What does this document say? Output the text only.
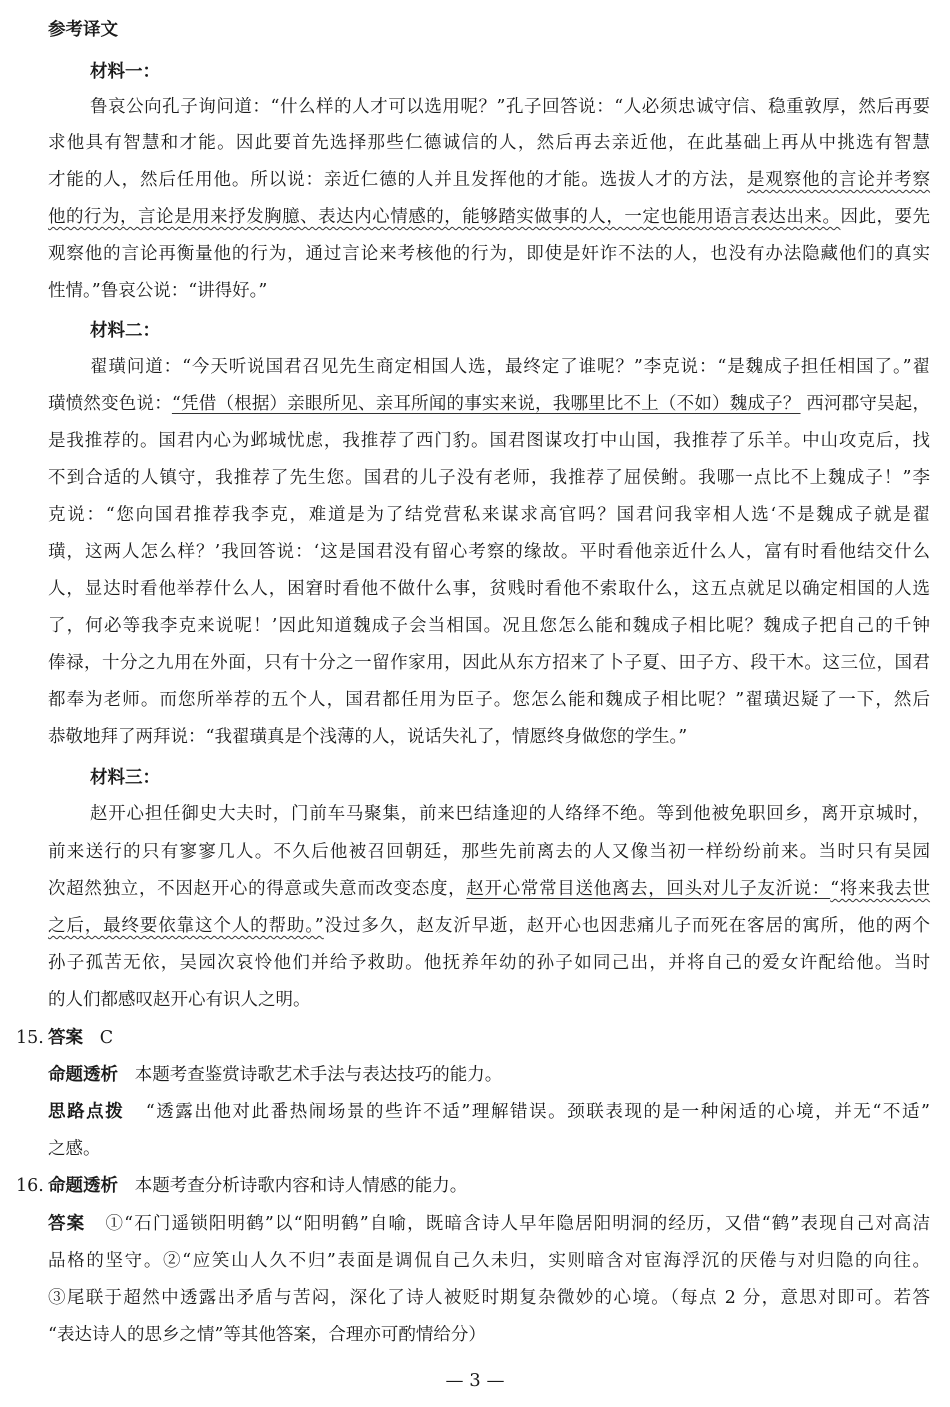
参考译文
材料一：
鲁哀公向孔子询问道：“什么样的人才可以选用呢？”孔子回答说：“人必须忠诚守信、稳重敦厚，然后再要
求他具有智慧和才能。因此要首先选择那些仁德诚信的人，然后再去亲近他，在此基础上再从中挑选有智慧
才能的人，然后任用他。所以说：亲近仁德的人并且发挥他的才能。选拔人才的方法，是观察他的言论并考察
他的行为，言论是用来抒发胸臆、表达内心情感的，能够踏实做事的人，一定也能用语言表达出来。因此，要先
观察他的言论再衡量他的行为，通过言论来考核他的行为，即使是奸诈不法的人，也没有办法隐藏他们的真实
性情。”鲁哀公说：“讲得好。”
材料二：
翟璜问道：“今天听说国君召见先生商定相国人选，最终定了谁呢？”李克说：“是魏成子担任相国了。”翟
璜愤然变色说：“凭借（根据）亲眼所见、亲耳所闻的事实来说，我哪里比不上（不如）魏成子？ 西河郡守吴起，
是我推荐的。国君内心为邺城忧虑，我推荐了西门豹。国君图谋攻打中山国，我推荐了乐羊。中山攻克后，找
不到合适的人镇守，我推荐了先生您。国君的儿子没有老师，我推荐了屈侯鲋。我哪一点比不上魏成子！”李
克说：“您向国君推荐我李克，难道是为了结党营私来谋求高官吗？国君问我宰相人选‘不是魏成子就是翟
璜，这两人怎么样？’我回答说：‘这是国君没有留心考察的缘故。平时看他亲近什么人，富有时看他结交什么
人，显达时看他举荐什么人，困窘时看他不做什么事，贫贱时看他不索取什么，这五点就足以确定相国的人选
了，何必等我李克来说呢！’因此知道魏成子会当相国。况且您怎么能和魏成子相比呢？魏成子把自己的千钟
俸禄，十分之九用在外面，只有十分之一留作家用，因此从东方招来了卜子夏、田子方、段干木。这三位，国君
都奉为老师。而您所举荐的五个人，国君都任用为臣子。您怎么能和魏成子相比呢？”翟璜迟疑了一下，然后
恭敬地拜了两拜说：“我翟璜真是个浅薄的人，说话失礼了，情愿终身做您的学生。”
材料三：
赵开心担任御史大夫时，门前车马聚集，前来巴结逢迎的人络绎不绝。等到他被免职回乡，离开京城时，
前来送行的只有寥寥几人。不久后他被召回朝廷，那些先前离去的人又像当初一样纷纷前来。当时只有吴园
次超然独立，不因赵开心的得意或失意而改变态度，赵开心常常目送他离去，回头对儿子友沂说：“将来我去世
之后，最终要依靠这个人的帮助。”没过多久，赵友沂早逝，赵开心也因悲痛儿子而死在客居的寓所，他的两个
孙子孤苦无依，吴园次哀怜他们并给予救助。他抚养年幼的孙子如同己出，并将自己的爱女许配给他。当时
的人们都感叹赵开心有识人之明。
15. 答案 C
命题透析 本题考查鉴赏诗歌艺术手法与表达技巧的能力。
思路点拨 “透露出他对此番热闹场景的些许不适”理解错误。颈联表现的是一种闲适的心境，并无“不适”
之感。
16. 命题透析 本题考查分析诗歌内容和诗人情感的能力。
答案 ①“石门遥锁阳明鹤”以“阳明鹤”自喻，既暗含诗人早年隐居阳明洞的经历，又借“鹤”表现自己对高洁
品格的坚守。②“应笑山人久不归”表面是调侃自己久未归，实则暗含对宦海浮沉的厌倦与对归隐的向往。
③尾联于超然中透露出矛盾与苦闷，深化了诗人被贬时期复杂微妙的心境。（每点 2 分，意思对即可。若答
“表达诗人的思乡之情”等其他答案，合理亦可酌情给分）
— 3 —
